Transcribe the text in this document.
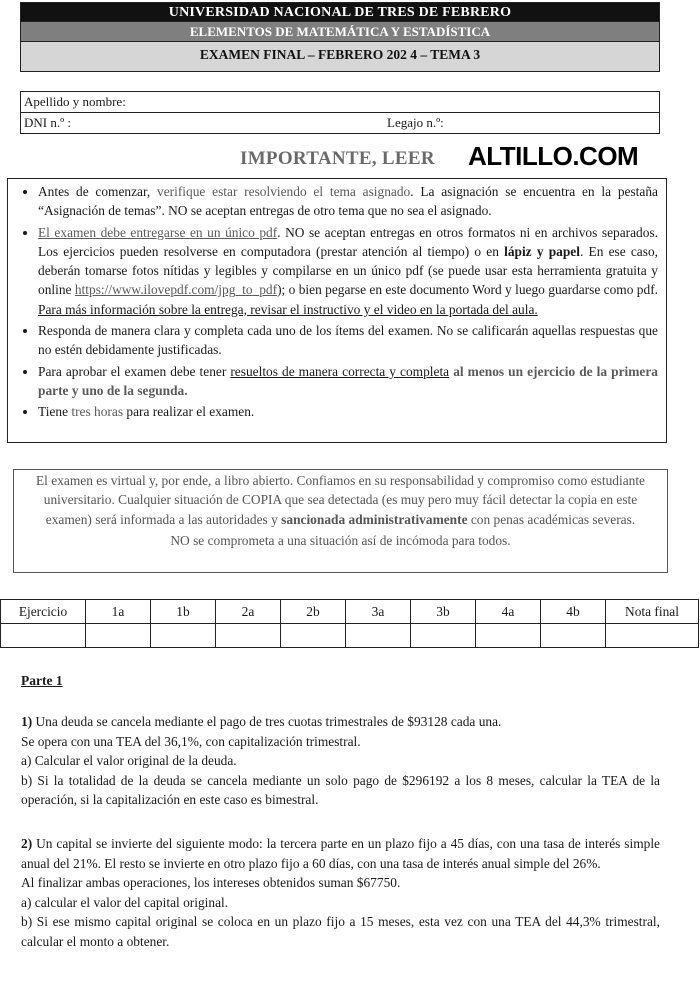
UNIVERSIDAD NACIONAL DE TRES DE FEBRERO
ELEMENTOS DE MATEMÁTICA Y ESTADÍSTICA
EXAMEN FINAL – FEBRERO 202 4 – TEMA 3
Apellido y nombre:
DNI n.º :	Legajo n.º:
IMPORTANTE, LEER ALTILLO.COM
• Antes de comenzar, verifique estar resolviendo el tema asignado. La asignación se encuentra en la pestaña “Asignación de temas”. NO se aceptan entregas de otro tema que no sea el asignado.
• El examen debe entregarse en un único pdf. NO se aceptan entregas en otros formatos ni en archivos separados. Los ejercicios pueden resolverse en computadora (prestar atención al tiempo) o en lápiz y papel. En ese caso, deberán tomarse fotos nítidas y legibles y compilarse en un único pdf (se puede usar esta herramienta gratuita y online https://www.ilovepdf.com/jpg_to_pdf); o bien pegarse en este documento Word y luego guardarse como pdf. Para más información sobre la entrega, revisar el instructivo y el video en la portada del aula.
• Responda de manera clara y completa cada uno de los ítems del examen. No se calificarán aquellas respuestas que no estén debidamente justificadas.
• Para aprobar el examen debe tener resueltos de manera correcta y completa al menos un ejercicio de la primera parte y uno de la segunda.
• Tiene tres horas para realizar el examen.

El examen es virtual y, por ende, a libro abierto. Confiamos en su responsabilidad y compromiso como estudiante universitario. Cualquier situación de COPIA que sea detectada (es muy pero muy fácil detectar la copia en este examen) será informada a las autoridades y sancionada administrativamente con penas académicas severas.

NO se comprometa a una situación así de incómoda para todos.

Ejercicio	1a	1b	2a	2b	3a	3b	4a	4b	Nota final

Parte 1

1) Una deuda se cancela mediante el pago de tres cuotas trimestrales de $93128 cada una.

Se opera con una TEA del 36,1%, con capitalización trimestral.

a) Calcular el valor original de la deuda.

b) Si la totalidad de la deuda se cancela mediante un solo pago de $296192 a los 8 meses, calcular la TEA de la operación, si la capitalización en este caso es bimestral.

2) Un capital se invierte del siguiente modo: la tercera parte en un plazo fijo a 45 días, con una tasa de interés simple anual del 21%. El resto se invierte en otro plazo fijo a 60 días, con una tasa de interés anual simple del 26%.

Al finalizar ambas operaciones, los intereses obtenidos suman $67750.

a) calcular el valor del capital original.

b) Si ese mismo capital original se coloca en un plazo fijo a 15 meses, esta vez con una TEA del 44,3% trimestral, calcular el monto a obtener.
